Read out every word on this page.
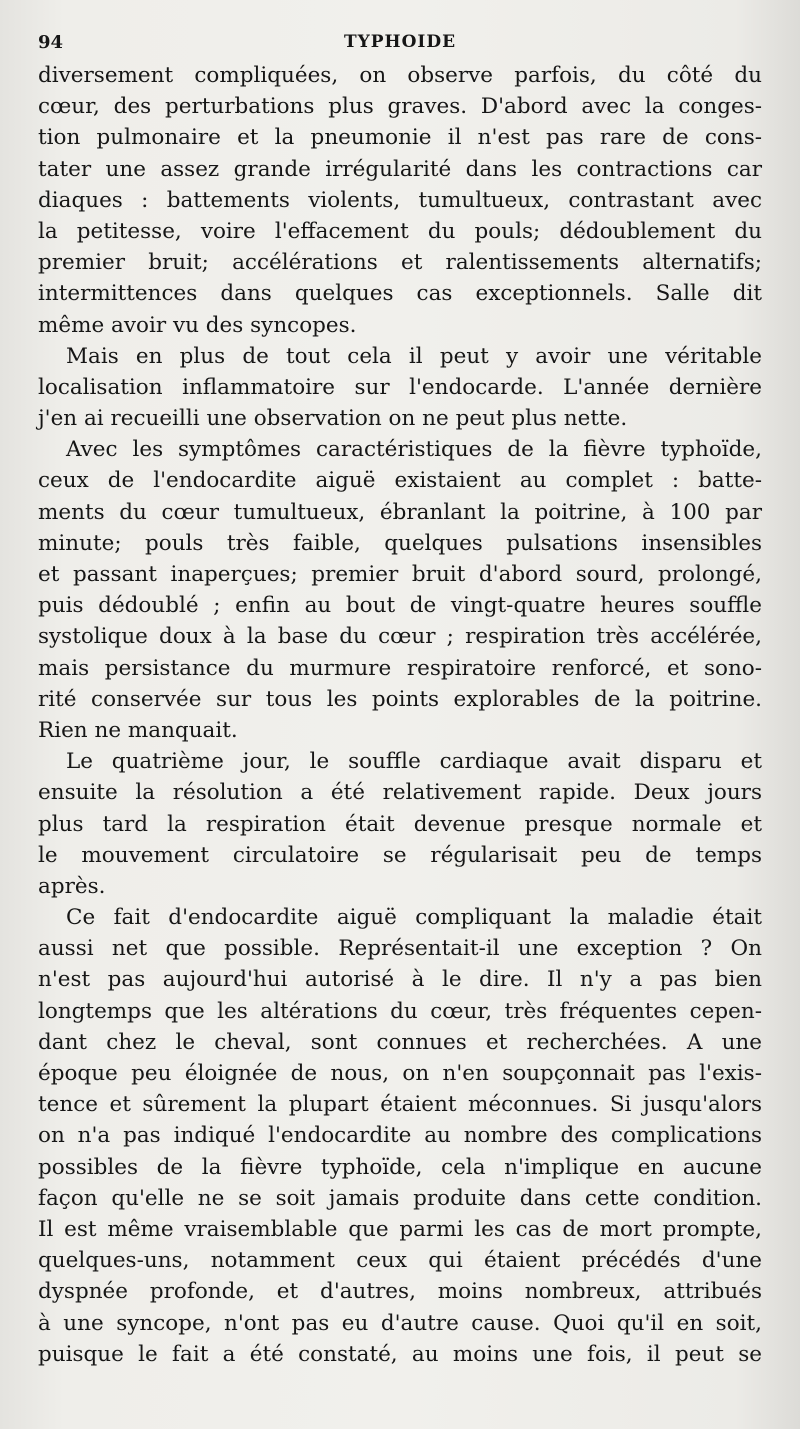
94	TYPHOIDE
diversement compliquées, on observe parfois, du côté du
cœur, des perturbations plus graves. D'abord avec la conges-
tion pulmonaire et la pneumonie il n'est pas rare de cons-
tater une assez grande irrégularité dans les contractions car
diaques : battements violents, tumultueux, contrastant avec
la petitesse, voire l'effacement du pouls; dédoublement du
premier bruit; accélérations et ralentissements alternatifs;
intermittences dans quelques cas exceptionnels. Salle dit
même avoir vu des syncopes.
Mais en plus de tout cela il peut y avoir une véritable
localisation inflammatoire sur l'endocarde. L'année dernière
j'en ai recueilli une observation on ne peut plus nette.
Avec les symptômes caractéristiques de la fièvre typhoïde,
ceux de l'endocardite aiguë existaient au complet : batte-
ments du cœur tumultueux, ébranlant la poitrine, à 100 par
minute; pouls très faible, quelques pulsations insensibles
et passant inaperçues; premier bruit d'abord sourd, prolongé,
puis dédoublé ; enfin au bout de vingt-quatre heures souffle
systolique doux à la base du cœur ; respiration très accélérée,
mais persistance du murmure respiratoire renforcé, et sono-
rité conservée sur tous les points explorables de la poitrine.
Rien ne manquait.
Le quatrième jour, le souffle cardiaque avait disparu et
ensuite la résolution a été relativement rapide. Deux jours
plus tard la respiration était devenue presque normale et
le mouvement circulatoire se régularisait peu de temps
après.
Ce fait d'endocardite aiguë compliquant la maladie était
aussi net que possible. Représentait-il une exception ? On
n'est pas aujourd'hui autorisé à le dire. Il n'y a pas bien
longtemps que les altérations du cœur, très fréquentes cepen-
dant chez le cheval, sont connues et recherchées. A une
époque peu éloignée de nous, on n'en soupçonnait pas l'exis-
tence et sûrement la plupart étaient méconnues. Si jusqu'alors
on n'a pas indiqué l'endocardite au nombre des complications
possibles de la fièvre typhoïde, cela n'implique en aucune
façon qu'elle ne se soit jamais produite dans cette condition.
Il est même vraisemblable que parmi les cas de mort prompte,
quelques-uns, notamment ceux qui étaient précédés d'une
dyspnée profonde, et d'autres, moins nombreux, attribués
à une syncope, n'ont pas eu d'autre cause. Quoi qu'il en soit,
puisque le fait a été constaté, au moins une fois, il peut se
